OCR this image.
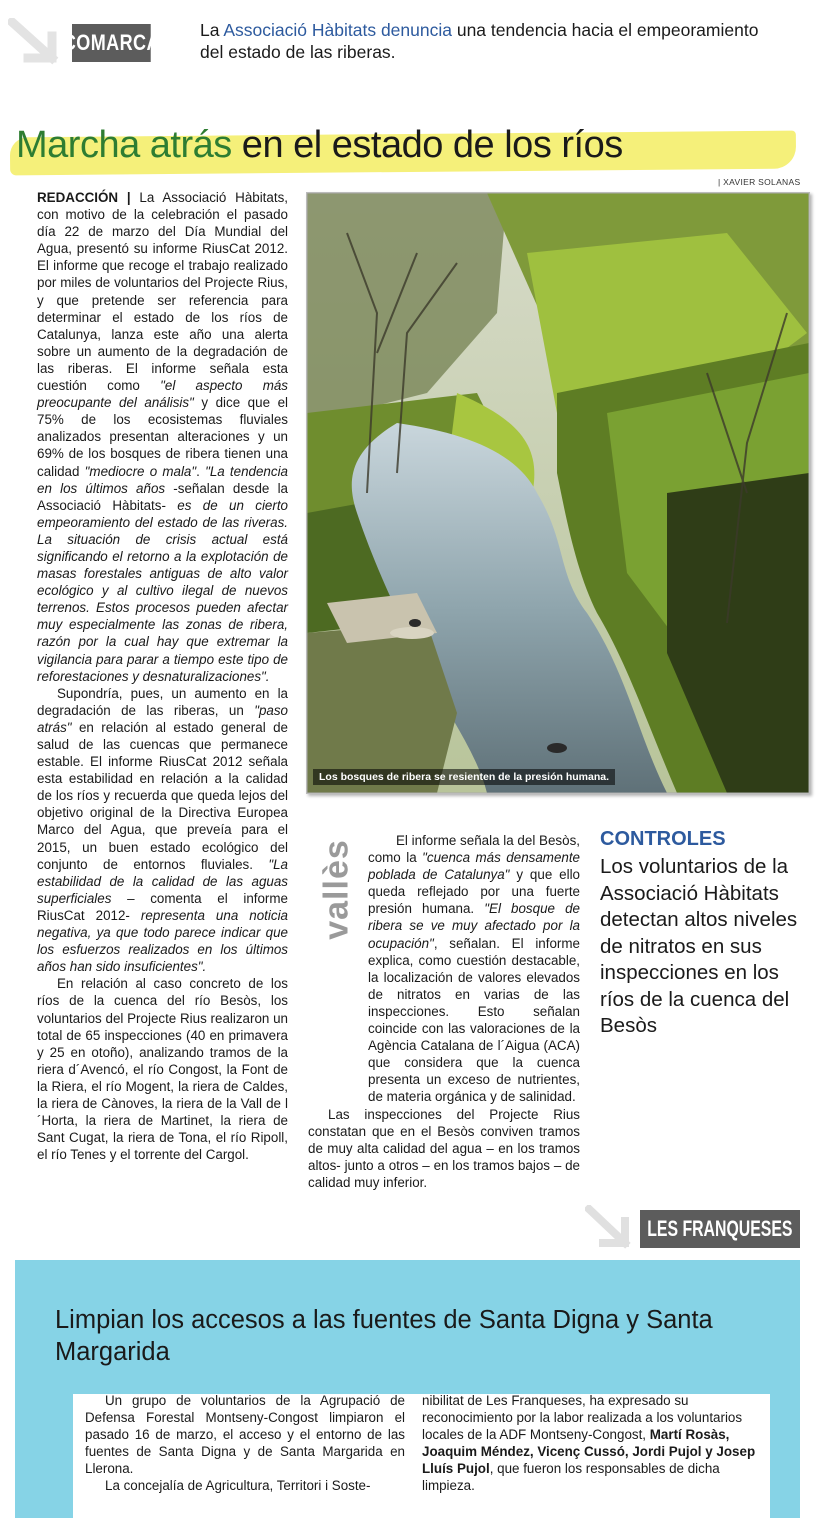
COMARCA La Associació Hàbitats denuncia una tendencia hacia el empeoramiento del estado de las riberas.
Marcha atrás en el estado de los ríos
| XAVIER SOLANAS
Los bosques de ribera se resienten de la presión humana.

REDACCIÓN | La Associació Hàbitats, con motivo de la celebración el pasado día 22 de marzo del Día Mundial del Agua, presentó su informe RiusCat 2012. El informe que recoge el trabajo realizado por miles de voluntarios del Projecte Rius, y que pretende ser referencia para determinar el estado de los ríos de Catalunya, lanza este año una alerta sobre un aumento de la degradación de las riberas. El informe señala esta cuestión como "el aspecto más preocupante del análisis" y dice que el 75% de los ecosistemas fluviales analizados presentan alteraciones y un 69% de los bosques de ribera tienen una calidad "mediocre o mala". "La tendencia en los últimos años -señalan desde la Associació Hàbitats- es de un cierto empeoramiento del estado de las riveras. La situación de crisis actual está significando el retorno a la explotación de masas forestales antiguas de alto valor ecológico y al cultivo ilegal de nuevos terrenos. Estos procesos pueden afectar muy especialmente las zonas de ribera, razón por la cual hay que extremar la vigilancia para parar a tiempo este tipo de reforestaciones y desnaturalizaciones".

Supondría, pues, un aumento en la degradación de las riberas, un "paso atrás" en relación al estado general de salud de las cuencas que permanece estable. El informe RiusCat 2012 señala esta estabilidad en relación a la calidad de los ríos y recuerda que queda lejos del objetivo original de la Directiva Europea Marco del Agua, que preveía para el 2015, un buen estado ecológico del conjunto de entornos fluviales. "La estabilidad de la calidad de las aguas superficiales – comenta el informe RiusCat 2012- representa una noticia negativa, ya que todo parece indicar que los esfuerzos realizados en los últimos años han sido insuficientes".

En relación al caso concreto de los ríos de la cuenca del río Besòs, los voluntarios del Projecte Rius realizaron un total de 65 inspecciones (40 en primavera y 25 en otoño), analizando tramos de la riera d´Avencó, el río Congost, la Font de la Riera, el río Mogent, la riera de Caldes, la riera de Cànoves, la riera de la Vall de l´Horta, la riera de Martinet, la riera de Sant Cugat, la riera de Tona, el río Ripoll, el río Tenes y el torrente del Cargol.

vallès	El informe señala la del Besòs, como la "cuenca más densamente poblada de Catalunya" y que ello queda reflejado por una fuerte presión humana. "El bosque de ribera se ve muy afectado por la ocupación", señalan. El informe explica, como cuestión destacable, la localización de valores elevados de nitratos en varias de las inspecciones. Esto señalan coincide con las valoraciones de la Agència Catalana de l´Aigua (ACA) que considera que la cuenca presenta un exceso de nutrientes, de materia orgánica y de salinidad.

Las inspecciones del Projecte Rius constatan que en el Besòs conviven tramos de muy alta calidad del agua – en los tramos altos- junto a otros – en los tramos bajos – de calidad muy inferior.

CONTROLES
Los voluntarios de la Associació Hàbitats detectan altos niveles de nitratos en sus inspecciones en los ríos de la cuenca del Besòs
LES FRANQUESES
Limpian los accesos a las fuentes de Santa Digna y Santa Margarida

Un grupo de voluntarios de la Agrupació de Defensa Forestal Montseny-Congost limpiaron el pasado 16 de marzo, el acceso y el entorno de las fuentes de Santa Digna y de Santa Margarida en Llerona.

La concejalía de Agricultura, Territori i Soste-

nibilitat de Les Franqueses, ha expresado su reconocimiento por la labor realizada a los voluntarios locales de la ADF Montseny-Congost, Martí Rosàs, Joaquim Méndez, Vicenç Cussó, Jordi Pujol y Josep Lluís Pujol, que fueron los responsables de dicha limpieza.
